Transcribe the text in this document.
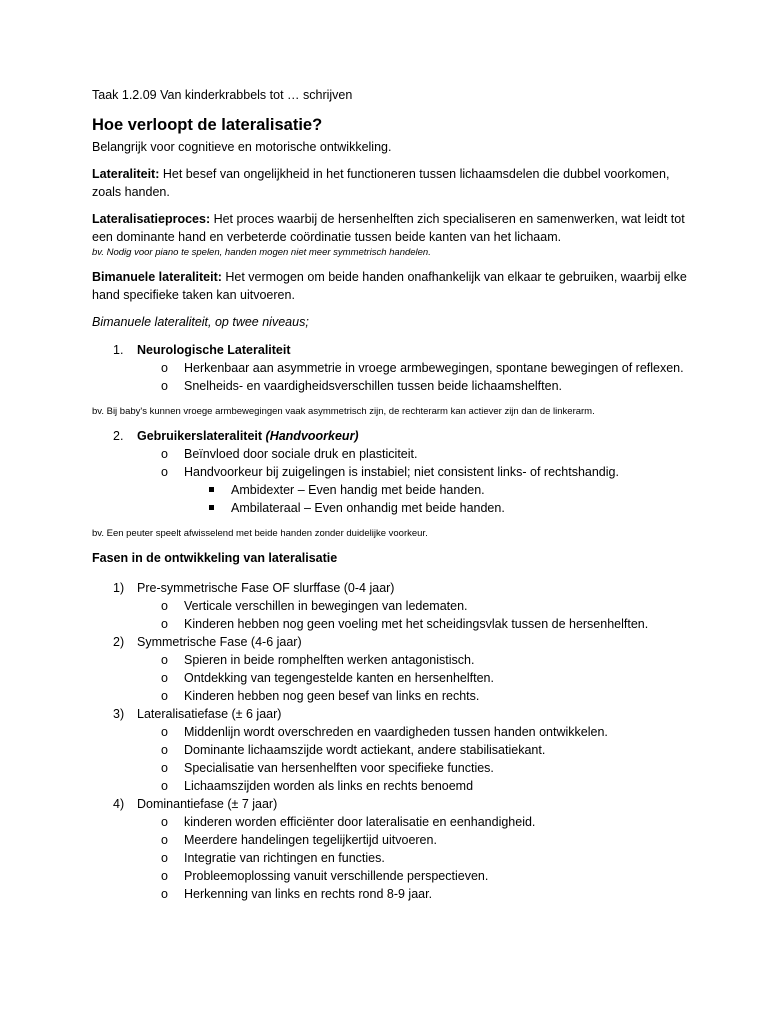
Taak 1.2.09 Van kinderkrabbels tot … schrijven

Hoe verloopt de lateralisatie?

Belangrijk voor cognitieve en motorische ontwikkeling.

Lateraliteit: Het besef van ongelijkheid in het functioneren tussen lichaamsdelen die dubbel voorkomen, zoals handen.

Lateralisatieproces: Het proces waarbij de hersenhelften zich specialiseren en samenwerken, wat leidt tot een dominante hand en verbeterde coördinatie tussen beide kanten van het lichaam.

bv. Nodig voor piano te spelen, handen mogen niet meer symmetrisch handelen.

Bimanuele lateraliteit: Het vermogen om beide handen onafhankelijk van elkaar te gebruiken, waarbij elke hand specifieke taken kan uitvoeren.

Bimanuele lateraliteit, op twee niveaus;

1. Neurologische Lateraliteit
o Herkenbaar aan asymmetrie in vroege armbewegingen, spontane bewegingen of reflexen.
o Snelheids- en vaardigheidsverschillen tussen beide lichaamshelften.

bv. Bij baby's kunnen vroege armbewegingen vaak asymmetrisch zijn, de rechterarm kan actiever zijn dan de linkerarm.

2. Gebruikerslateraliteit (Handvoorkeur)
o Beïnvloed door sociale druk en plasticiteit.
o Handvoorkeur bij zuigelingen is instabiel; niet consistent links- of rechtshandig.
Ambidexter – Even handig met beide handen.
Ambilateraal – Even onhandig met beide handen.

bv. Een peuter speelt afwisselend met beide handen zonder duidelijke voorkeur.

Fasen in de ontwikkeling van lateralisatie

1) Pre-symmetrische Fase OF slurffase (0-4 jaar)
o Verticale verschillen in bewegingen van ledematen.
o Kinderen hebben nog geen voeling met het scheidingsvlak tussen de hersenhelften.
2) Symmetrische Fase (4-6 jaar)
o Spieren in beide romphelften werken antagonistisch.
o Ontdekking van tegengestelde kanten en hersenhelften.
o Kinderen hebben nog geen besef van links en rechts.
3) Lateralisatiefase (± 6 jaar)
o Middenlijn wordt overschreden en vaardigheden tussen handen ontwikkelen.
o Dominante lichaamszijde wordt actiekant, andere stabilisatiekant.
o Specialisatie van hersenhelften voor specifieke functies.
o Lichaamszijden worden als links en rechts benoemd
4) Dominantiefase (± 7 jaar)
o kinderen worden efficiënter door lateralisatie en eenhandigheid.
o Meerdere handelingen tegelijkertijd uitvoeren.
o Integratie van richtingen en functies.
o Probleemoplossing vanuit verschillende perspectieven.
o Herkenning van links en rechts rond 8-9 jaar.
